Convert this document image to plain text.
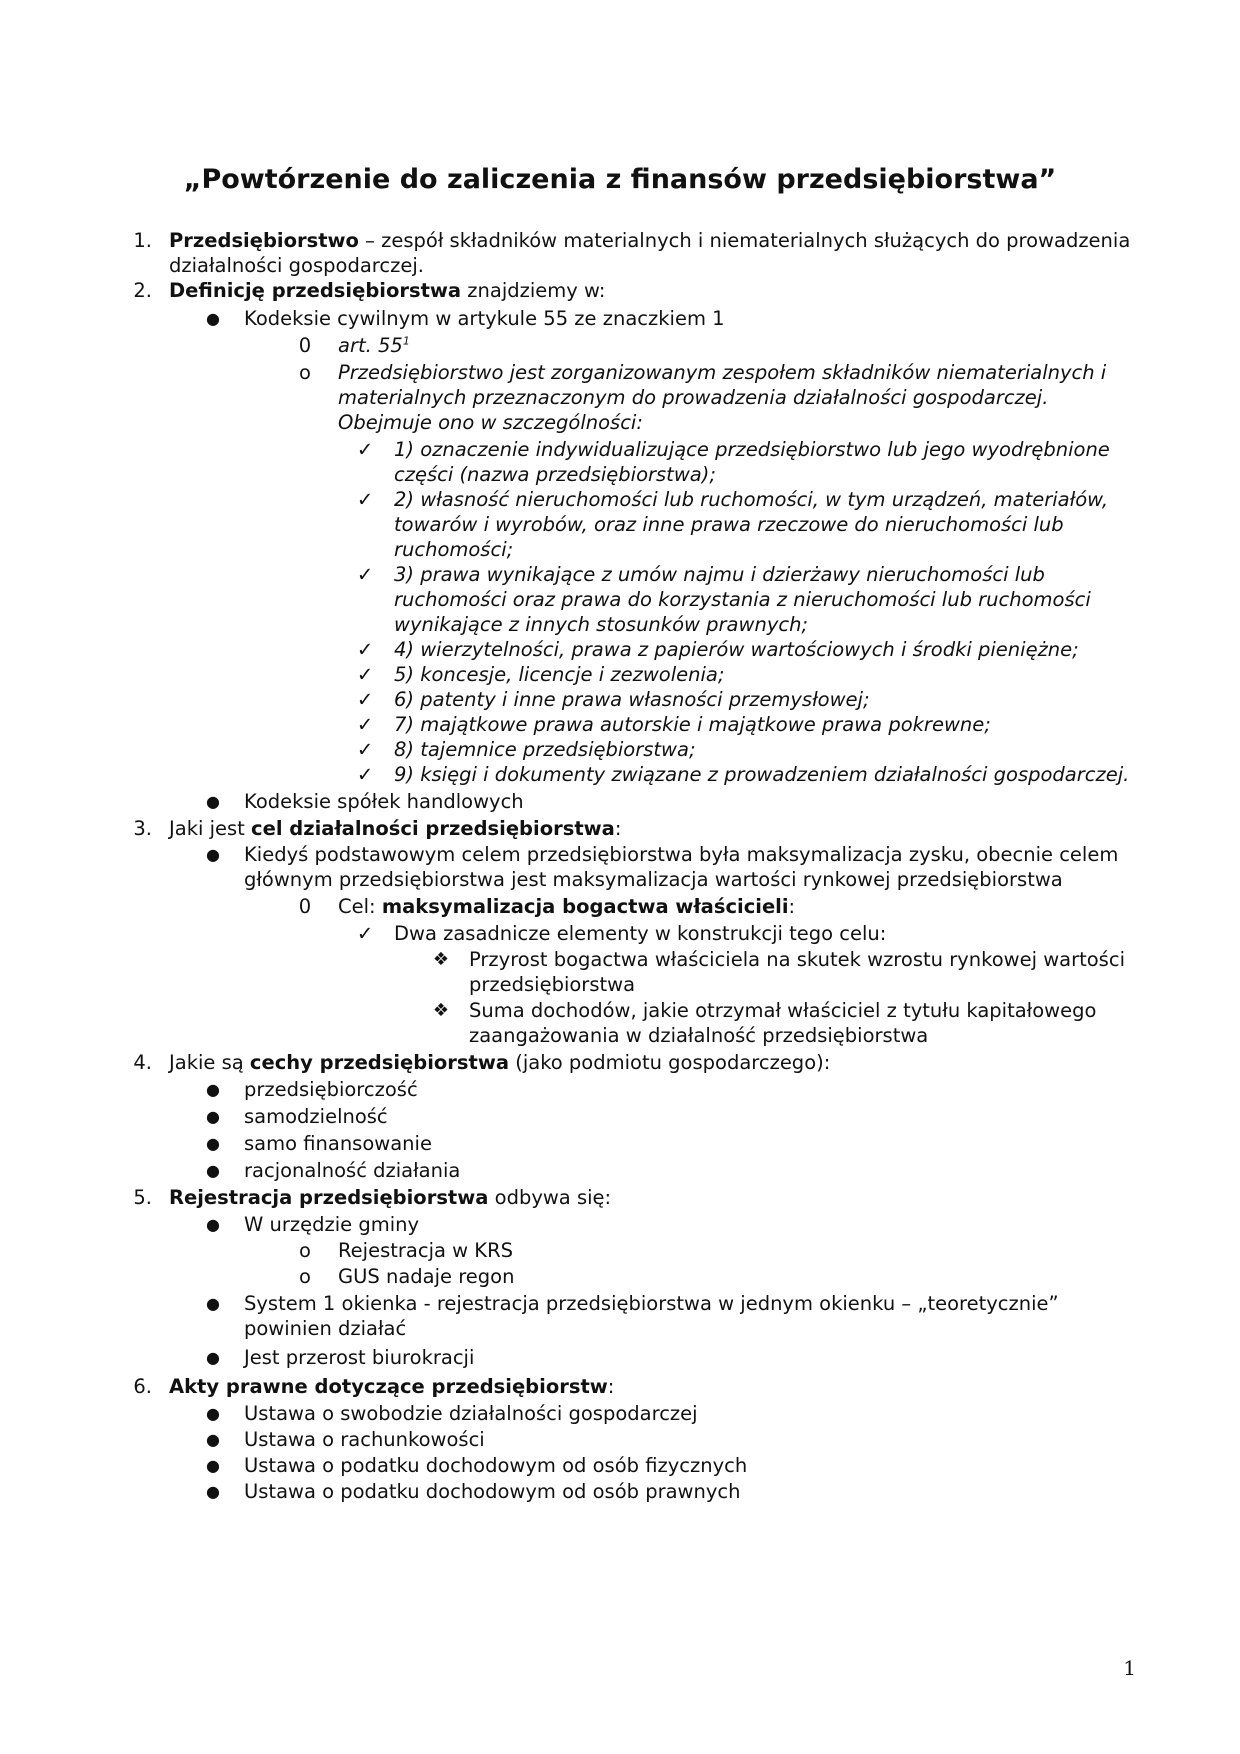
„Powtórzenie do zaliczenia z finansów przedsiębiorstwa”
1. Przedsiębiorstwo – zespół składników materialnych i niematerialnych służących do prowadzenia działalności gospodarczej.
2. Definicję przedsiębiorstwa znajdziemy w:
● Kodeksie cywilnym w artykule 55 ze znaczkiem 1
0 art. $55^1$
o Przedsiębiorstwo jest zorganizowanym zespołem składników niematerialnych i materialnych przeznaczonym do prowadzenia działalności gospodarczej. Obejmuje ono w szczególności:
✓ 1) oznaczenie indywidualizujące przedsiębiorstwo lub jego wyodrębnione części (nazwa przedsiębiorstwa);
✓ 2) własność nieruchomości lub ruchomości, w tym urządzeń, materiałów, towarów i wyrobów, oraz inne prawa rzeczowe do nieruchomości lub ruchomości;
✓ 3) prawa wynikające z umów najmu i dzierżawy nieruchomości lub ruchomości oraz prawa do korzystania z nieruchomości lub ruchomości wynikające z innych stosunków prawnych;
✓ 4) wierzytelności, prawa z papierów wartościowych i środki pieniężne;
✓ 5) koncesje, licencje i zezwolenia;
✓ 6) patenty i inne prawa własności przemysłowej;
✓ 7) majątkowe prawa autorskie i majątkowe prawa pokrewne;
✓ 8) tajemnice przedsiębiorstwa;
✓ 9) księgi i dokumenty związane z prowadzeniem działalności gospodarczej.
● Kodeksie spółek handlowych
3. Jaki jest cel działalności przedsiębiorstwa:
● Kiedyś podstawowym celem przedsiębiorstwa była maksymalizacja zysku, obecnie celem głównym przedsiębiorstwa jest maksymalizacja wartości rynkowej przedsiębiorstwa
0 Cel: maksymalizacja bogactwa właścicieli:
✓ Dwa zasadnicze elementy w konstrukcji tego celu:
❖ Przyrost bogactwa właściciela na skutek wzrostu rynkowej wartości przedsiębiorstwa
❖ Suma dochodów, jakie otrzymał właściciel z tytułu kapitałowego zaangażowania w działalność przedsiębiorstwa
4. Jakie są cechy przedsiębiorstwa (jako podmiotu gospodarczego):
● przedsiębiorczość
● samodzielność
● samo finansowanie
● racjonalność działania
5. Rejestracja przedsiębiorstwa odbywa się:
● W urzędzie gminy
o Rejestracja w KRS
o GUS nadaje regon
● System 1 okienka - rejestracja przedsiębiorstwa w jednym okienku – „teoretycznie” powinien działać
● Jest przerost biurokracji
6. Akty prawne dotyczące przedsiębiorstw:
● Ustawa o swobodzie działalności gospodarczej
● Ustawa o rachunkowości
● Ustawa o podatku dochodowym od osób fizycznych
● Ustawa o podatku dochodowym od osób prawnych
1
